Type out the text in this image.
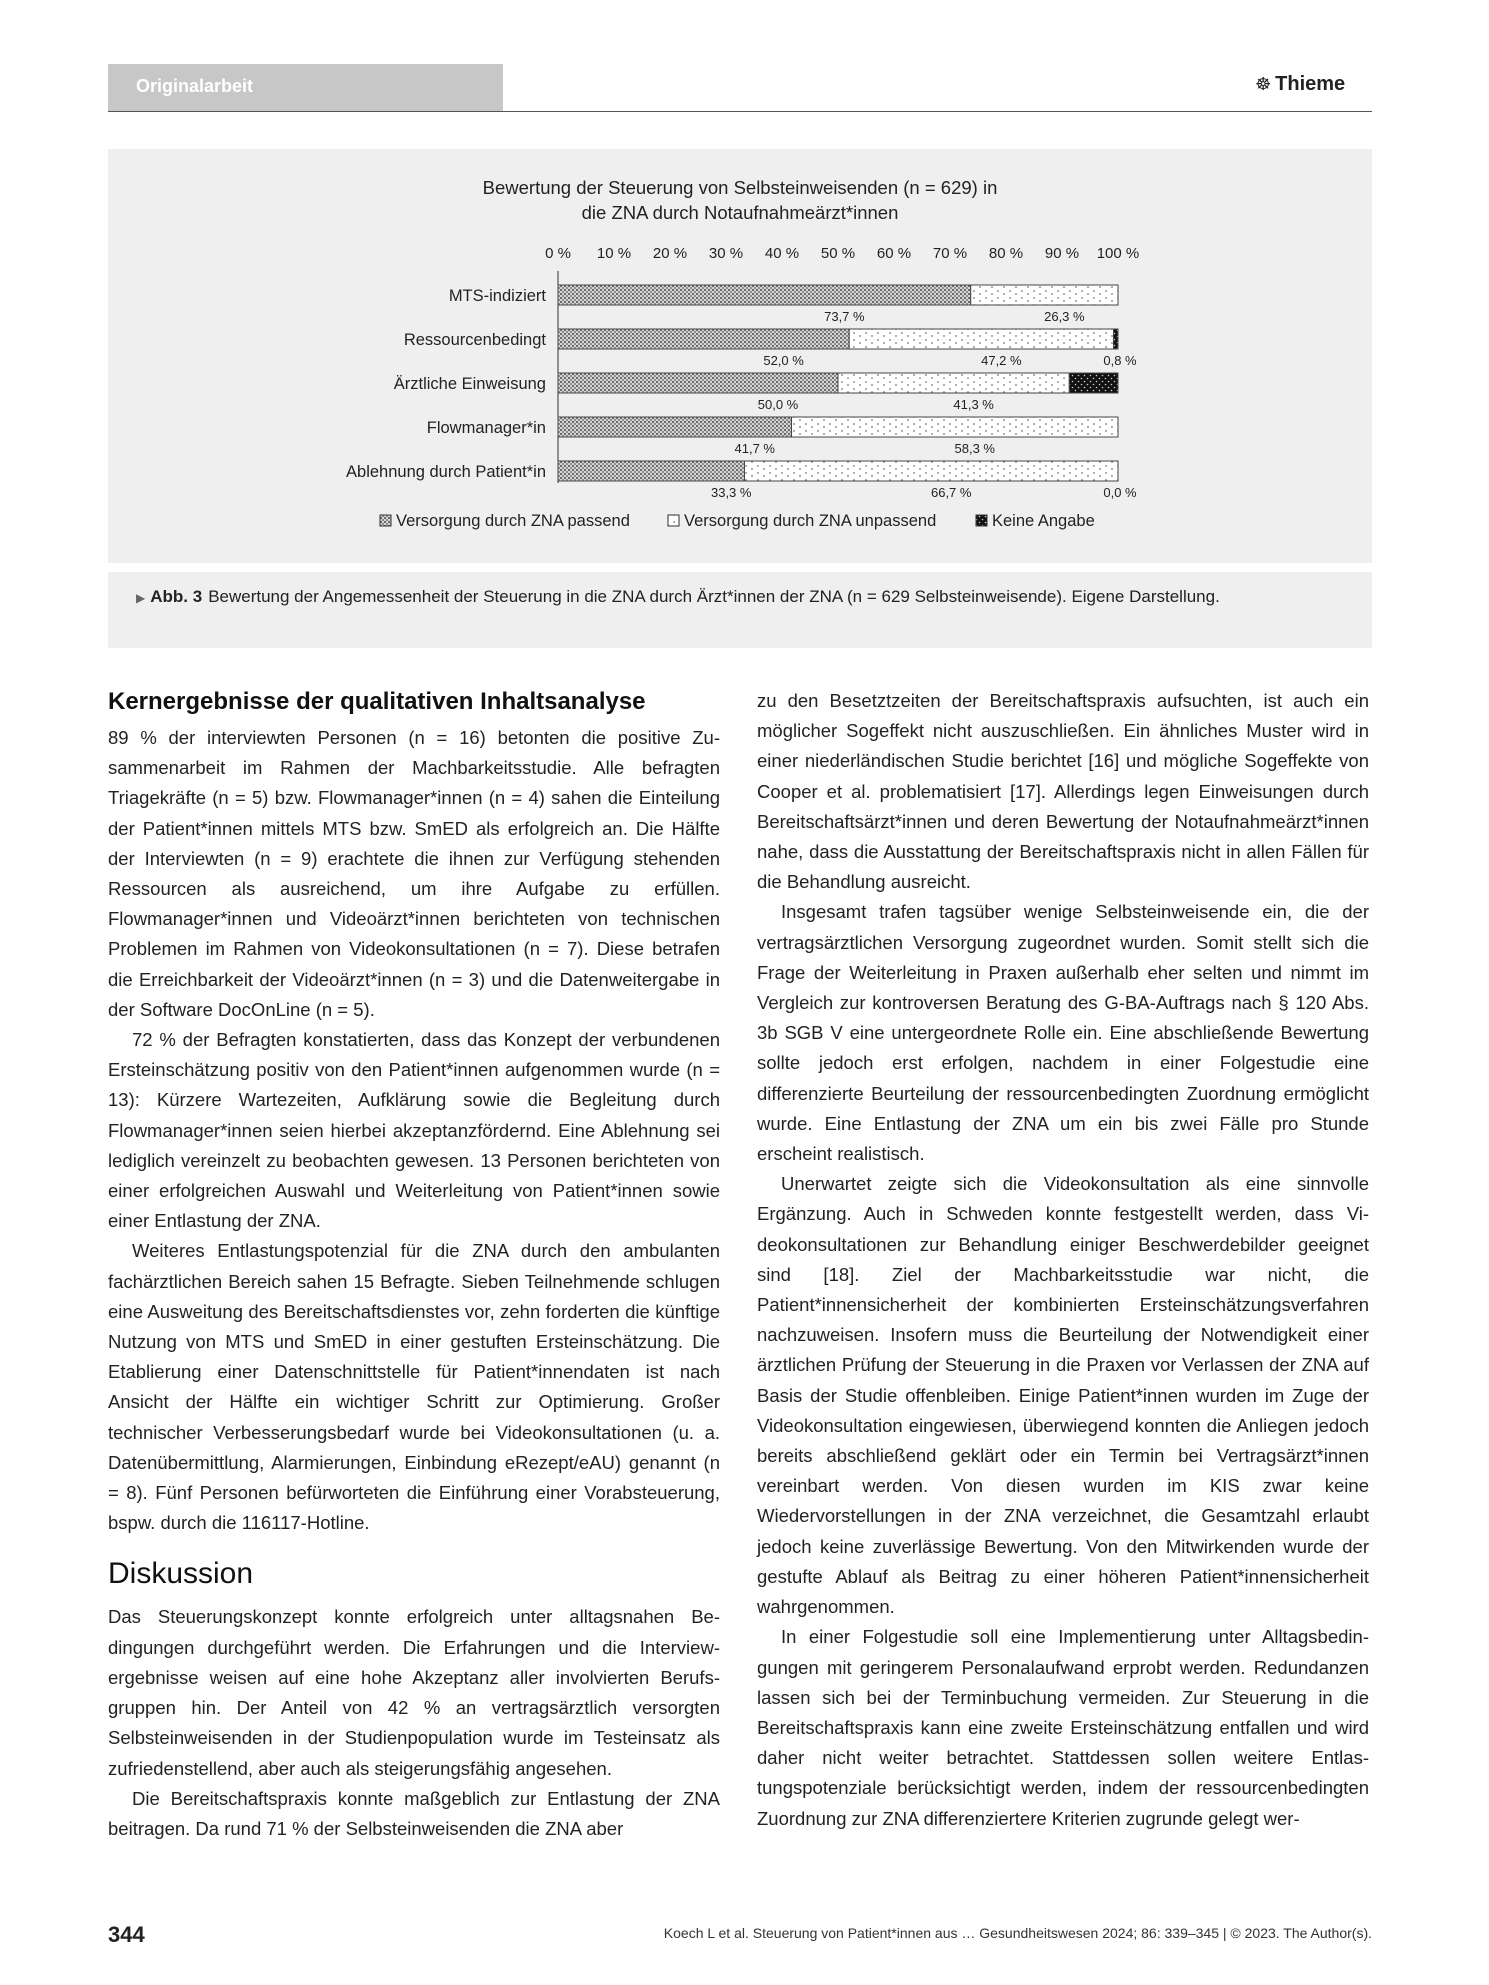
Originalarbeit	☸ Thieme
Bewertung der Steuerung von Selbsteinweisenden (n = 629) in
die ZNA durch Notaufnahmeärzt*innen
0 % 10 % 20 % 30 % 40 % 50 % 60 % 70 % 80 % 90 % 100 %
MTS-indiziert
73,7 %	26,3 %
Ressourcenbedingt
52,0 %	47,2 %	0,8 %
Ärztliche Einweisung
50,0 %	41,3 %
Flowmanager*in
41,7 %	58,3 %
Ablehnung durch Patient*in
33,3 %	66,7 %	0,0 %
Versorgung durch ZNA passend	Versorgung durch ZNA unpassend	Keine Angabe
▶ Abb. 3 Bewertung der Angemessenheit der Steuerung in die ZNA durch Ärzt*innen der ZNA (n = 629 Selbsteinweisende). Eigene Darstellung.
Kernergebnisse der qualitativen Inhaltsanalyse

89 % der interviewten Personen (n = 16) betonten die positive Zusammenarbeit im Rahmen der Machbarkeitsstudie. Alle befragten Triagekräfte (n = 5) bzw. Flowmanager*innen (n = 4) sahen die Einteilung der Patient*innen mittels MTS bzw. SmED als erfolgreich an. Die Hälfte der Interviewten (n = 9) erachtete die ihnen zur Verfügung stehenden Ressourcen als ausreichend, um ihre Aufgabe zu erfüllen. Flowmanager*innen und Videoärzt*innen berichteten von technischen Problemen im Rahmen von Videokonsultationen (n = 7). Diese betrafen die Erreichbarkeit der Videoärzt*innen (n = 3) und die Datenweitergabe in der Software DocOnLine (n = 5).

72 % der Befragten konstatierten, dass das Konzept der verbundenen Ersteinschätzung positiv von den Patient*innen aufgenommen wurde (n = 13): Kürzere Wartezeiten, Aufklärung sowie die Begleitung durch Flowmanager*innen seien hierbei akzeptanzfördernd. Eine Ablehnung sei lediglich vereinzelt zu beobachten gewesen. 13 Personen berichteten von einer erfolgreichen Auswahl und Weiterleitung von Patient*innen sowie einer Entlastung der ZNA.

Weiteres Entlastungspotenzial für die ZNA durch den ambulanten fachärztlichen Bereich sahen 15 Befragte. Sieben Teilnehmende schlugen eine Ausweitung des Bereitschaftsdienstes vor, zehn forderten die künftige Nutzung von MTS und SmED in einer gestuften Ersteinschätzung. Die Etablierung einer Datenschnittstelle für Patient*innendaten ist nach Ansicht der Hälfte ein wichtiger Schritt zur Optimierung. Großer technischer Verbesserungsbedarf wurde bei Videokonsultationen (u. a. Datenübermittlung, Alarmierungen, Einbindung eRezept/eAU) genannt (n = 8). Fünf Personen befürworteten die Einführung einer Vorabsteuerung, bspw. durch die 116117-Hotline.

Diskussion

Das Steuerungskonzept konnte erfolgreich unter alltagsnahen Bedingungen durchgeführt werden. Die Erfahrungen und die Interviewergebnisse weisen auf eine hohe Akzeptanz aller involvierten Berufsgruppen hin. Der Anteil von 42 % an vertragsärztlich versorgten Selbsteinweisenden in der Studienpopulation wurde im Testeinsatz als zufriedenstellend, aber auch als steigerungsfähig angesehen.

Die Bereitschaftspraxis konnte maßgeblich zur Entlastung der ZNA beitragen. Da rund 71 % der Selbsteinweisenden die ZNA aber

zu den Besetztzeiten der Bereitschaftspraxis aufsuchten, ist auch ein möglicher Sogeffekt nicht auszuschließen. Ein ähnliches Muster wird in einer niederländischen Studie berichtet [16] und mögliche Sogeffekte von Cooper et al. problematisiert [17]. Allerdings legen Einweisungen durch Bereitschaftsärzt*innen und deren Bewertung der Notaufnahmeärzt*innen nahe, dass die Ausstattung der Bereitschaftspraxis nicht in allen Fällen für die Behandlung ausreicht.

Insgesamt trafen tagsüber wenige Selbsteinweisende ein, die der vertragsärztlichen Versorgung zugeordnet wurden. Somit stellt sich die Frage der Weiterleitung in Praxen außerhalb eher selten und nimmt im Vergleich zur kontroversen Beratung des G-BA-Auftrags nach § 120 Abs. 3b SGB V eine untergeordnete Rolle ein. Eine abschließende Bewertung sollte jedoch erst erfolgen, nachdem in einer Folgestudie eine differenzierte Beurteilung der ressourcenbedingten Zuordnung ermöglicht wurde. Eine Entlastung der ZNA um ein bis zwei Fälle pro Stunde erscheint realistisch.

Unerwartet zeigte sich die Videokonsultation als eine sinnvolle Ergänzung. Auch in Schweden konnte festgestellt werden, dass Videokonsultationen zur Behandlung einiger Beschwerdebilder geeignet sind [18]. Ziel der Machbarkeitsstudie war nicht, die Patient*innensicherheit der kombinierten Ersteinschätzungsverfahren nachzuweisen. Insofern muss die Beurteilung der Notwendigkeit einer ärztlichen Prüfung der Steuerung in die Praxen vor Verlassen der ZNA auf Basis der Studie offenbleiben. Einige Patient*innen wurden im Zuge der Videokonsultation eingewiesen, überwiegend konnten die Anliegen jedoch bereits abschließend geklärt oder ein Termin bei Vertragsärzt*innen vereinbart werden. Von diesen wurden im KIS zwar keine Wiedervorstellungen in der ZNA verzeichnet, die Gesamtzahl erlaubt jedoch keine zuverlässige Bewertung. Von den Mitwirkenden wurde der gestufte Ablauf als Beitrag zu einer höheren Patient*innensicherheit wahrgenommen.

In einer Folgestudie soll eine Implementierung unter Alltagsbedingungen mit geringerem Personalaufwand erprobt werden. Redundanzen lassen sich bei der Terminbuchung vermeiden. Zur Steuerung in die Bereitschaftspraxis kann eine zweite Ersteinschätzung entfallen und wird daher nicht weiter betrachtet. Stattdessen sollen weitere Entlastungspotenziale berücksichtigt werden, indem der ressourcenbedingten Zuordnung zur ZNA differenziertere Kriterien zugrunde gelegt wer-

344	Koech L et al. Steuerung von Patient*innen aus … Gesundheitswesen 2024; 86: 339–345 | © 2023. The Author(s).
